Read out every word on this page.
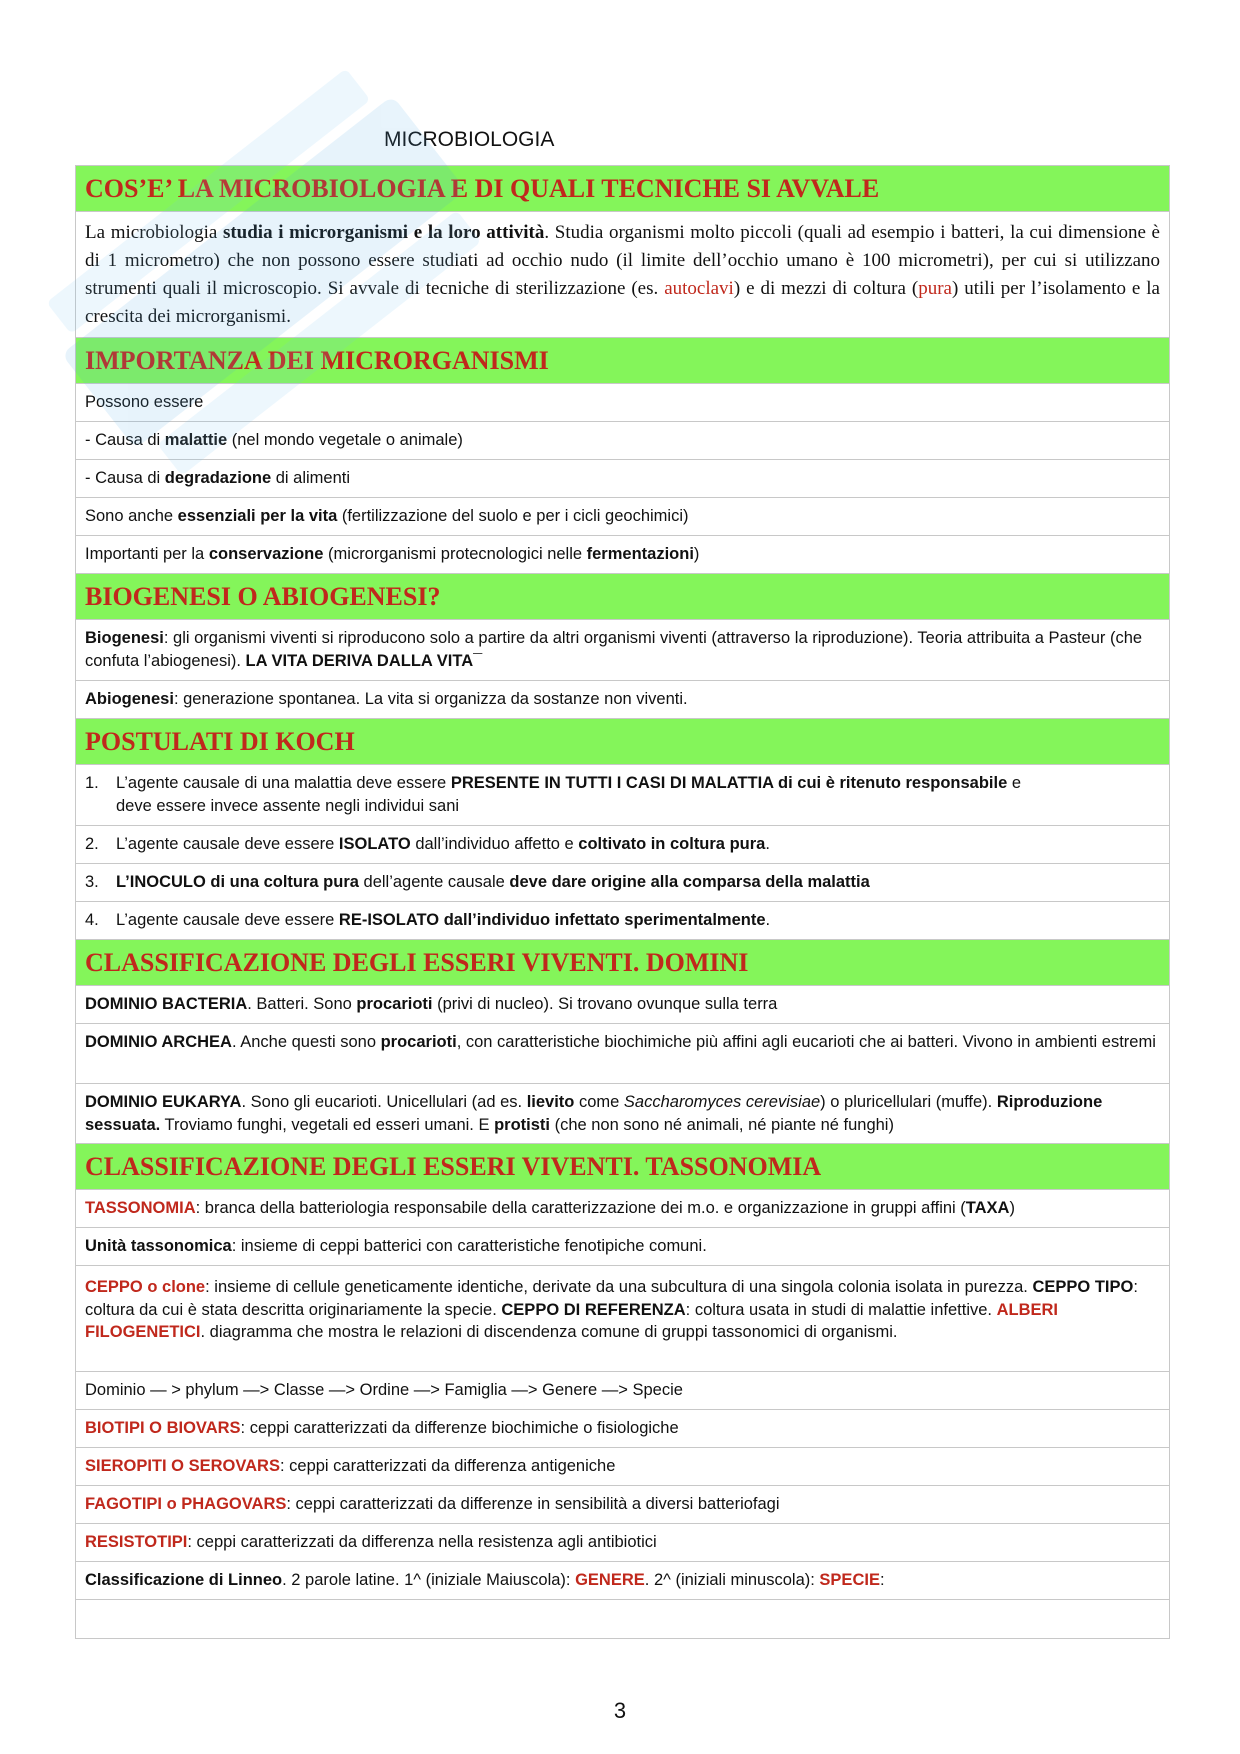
MICROBIOLOGIA
COS’E’ LA MICROBIOLOGIA E DI QUALI TECNICHE SI AVVALE
La microbiologia studia i microrganismi e la loro attività. Studia organismi molto piccoli (quali ad esempio i batteri, la cui dimensione è di 1 micrometro) che non possono essere studiati ad occhio nudo (il limite dell’occhio umano è 100 micrometri), per cui si utilizzano strumenti quali il microscopio. Si avvale di tecniche di sterilizzazione (es. autoclavi) e di mezzi di coltura (pura) utili per l’isolamento e la crescita dei microrganismi.
IMPORTANZA DEI MICRORGANISMI
Possono essere
- Causa di malattie (nel mondo vegetale o animale)
- Causa di degradazione di alimenti
Sono anche essenziali per la vita (fertilizzazione del suolo e per i cicli geochimici)
Importanti per la conservazione (microrganismi protecnologici nelle fermentazioni)
BIOGENESI O ABIOGENESI?
Biogenesi: gli organismi viventi si riproducono solo a partire da altri organismi viventi (attraverso la riproduzione). Teoria attribuita a Pasteur (che confuta l’abiogenesi). LA VITA DERIVA DALLA VITA¯
Abiogenesi: generazione spontanea. La vita si organizza da sostanze non viventi.
POSTULATI DI KOCH
1. L’agente causale di una malattia deve essere PRESENTE IN TUTTI I CASI DI MALATTIA di cui è ritenuto responsabile e
deve essere invece assente negli individui sani
2. L’agente causale deve essere ISOLATO dall’individuo affetto e coltivato in coltura pura.
3. L’INOCULO di una coltura pura dell’agente causale deve dare origine alla comparsa della malattia
4. L’agente causale deve essere RE-ISOLATO dall’individuo infettato sperimentalmente.
CLASSIFICAZIONE DEGLI ESSERI VIVENTI. DOMINI
DOMINIO BACTERIA. Batteri. Sono procarioti (privi di nucleo). Si trovano ovunque sulla terra
DOMINIO ARCHEA. Anche questi sono procarioti, con caratteristiche biochimiche più affini agli eucarioti che ai batteri. Vivono in ambienti estremi
DOMINIO EUKARYA. Sono gli eucarioti. Unicellulari (ad es. lievito come Saccharomyces cerevisiae) o pluricellulari (muffe). Riproduzione sessuata. Troviamo funghi, vegetali ed esseri umani. E protisti (che non sono né animali, né piante né funghi)
CLASSIFICAZIONE DEGLI ESSERI VIVENTI. TASSONOMIA
TASSONOMIA: branca della batteriologia responsabile della caratterizzazione dei m.o. e organizzazione in gruppi affini (TAXA)
Unità tassonomica: insieme di ceppi batterici con caratteristiche fenotipiche comuni.
CEPPO o clone: insieme di cellule geneticamente identiche, derivate da una subcultura di una singola colonia isolata in purezza. CEPPO TIPO: coltura da cui è stata descritta originariamente la specie. CEPPO DI REFERENZA: coltura usata in studi di malattie infettive. ALBERI FILOGENETICI. diagramma che mostra le relazioni di discendenza comune di gruppi tassonomici di organismi.
Dominio — > phylum —> Classe —> Ordine —> Famiglia —> Genere —> Specie
BIOTIPI O BIOVARS: ceppi caratterizzati da differenze biochimiche o fisiologiche
SIEROPITI O SEROVARS: ceppi caratterizzati da differenza antigeniche
FAGOTIPI o PHAGOVARS: ceppi caratterizzati da differenze in sensibilità a diversi batteriofagi
RESISTOTIPI: ceppi caratterizzati da differenza nella resistenza agli antibiotici
Classificazione di Linneo. 2 parole latine. 1^ (iniziale Maiuscola): GENERE. 2^ (iniziali minuscola): SPECIE:
3
